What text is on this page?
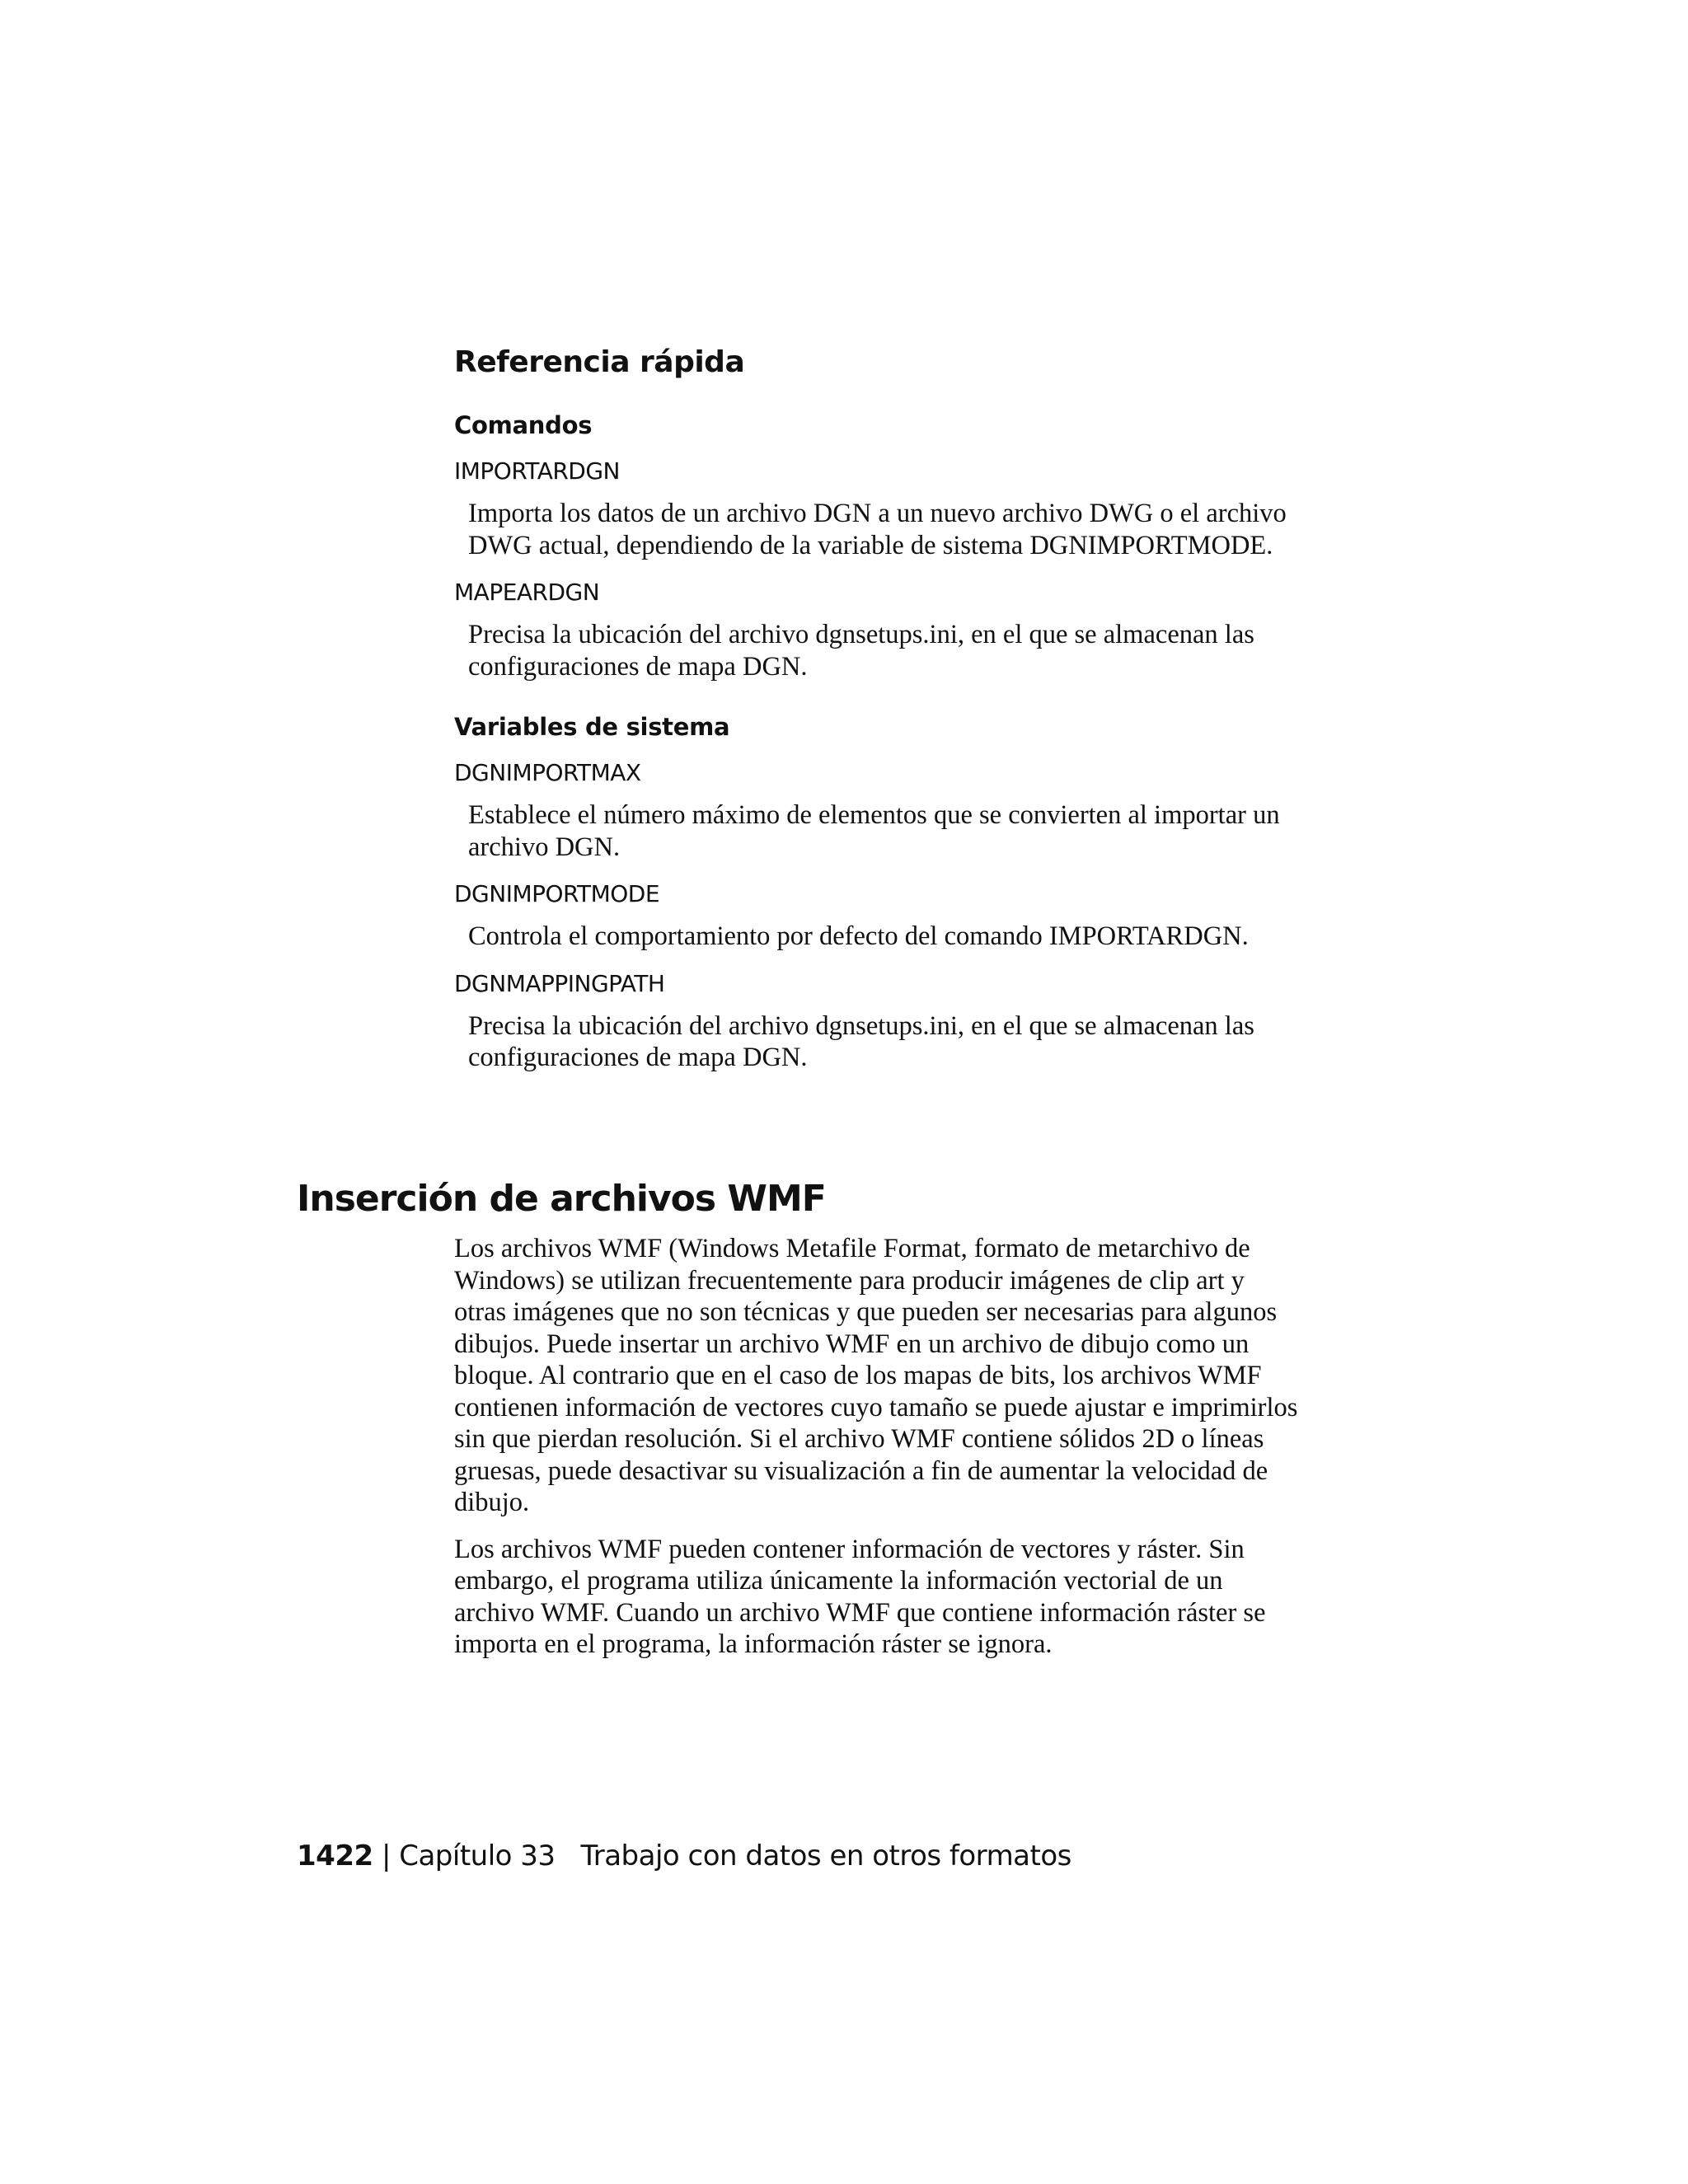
Referencia rápida
Comandos
IMPORTARDGN
Importa los datos de un archivo DGN a un nuevo archivo DWG o el archivo
DWG actual, dependiendo de la variable de sistema DGNIMPORTMODE.
MAPEARDGN
Precisa la ubicación del archivo dgnsetups.ini, en el que se almacenan las
configuraciones de mapa DGN.
Variables de sistema
DGNIMPORTMAX
Establece el número máximo de elementos que se convierten al importar un
archivo DGN.
DGNIMPORTMODE
Controla el comportamiento por defecto del comando IMPORTARDGN.
DGNMAPPINGPATH
Precisa la ubicación del archivo dgnsetups.ini, en el que se almacenan las
configuraciones de mapa DGN.
Inserción de archivos WMF
Los archivos WMF (Windows Metafile Format, formato de metarchivo de
Windows) se utilizan frecuentemente para producir imágenes de clip art y
otras imágenes que no son técnicas y que pueden ser necesarias para algunos
dibujos. Puede insertar un archivo WMF en un archivo de dibujo como un
bloque. Al contrario que en el caso de los mapas de bits, los archivos WMF
contienen información de vectores cuyo tamaño se puede ajustar e imprimirlos
sin que pierdan resolución. Si el archivo WMF contiene sólidos 2D o líneas
gruesas, puede desactivar su visualización a fin de aumentar la velocidad de
dibujo.
Los archivos WMF pueden contener información de vectores y ráster. Sin
embargo, el programa utiliza únicamente la información vectorial de un
archivo WMF. Cuando un archivo WMF que contiene información ráster se
importa en el programa, la información ráster se ignora.
1422 | Capítulo 33 Trabajo con datos en otros formatos
